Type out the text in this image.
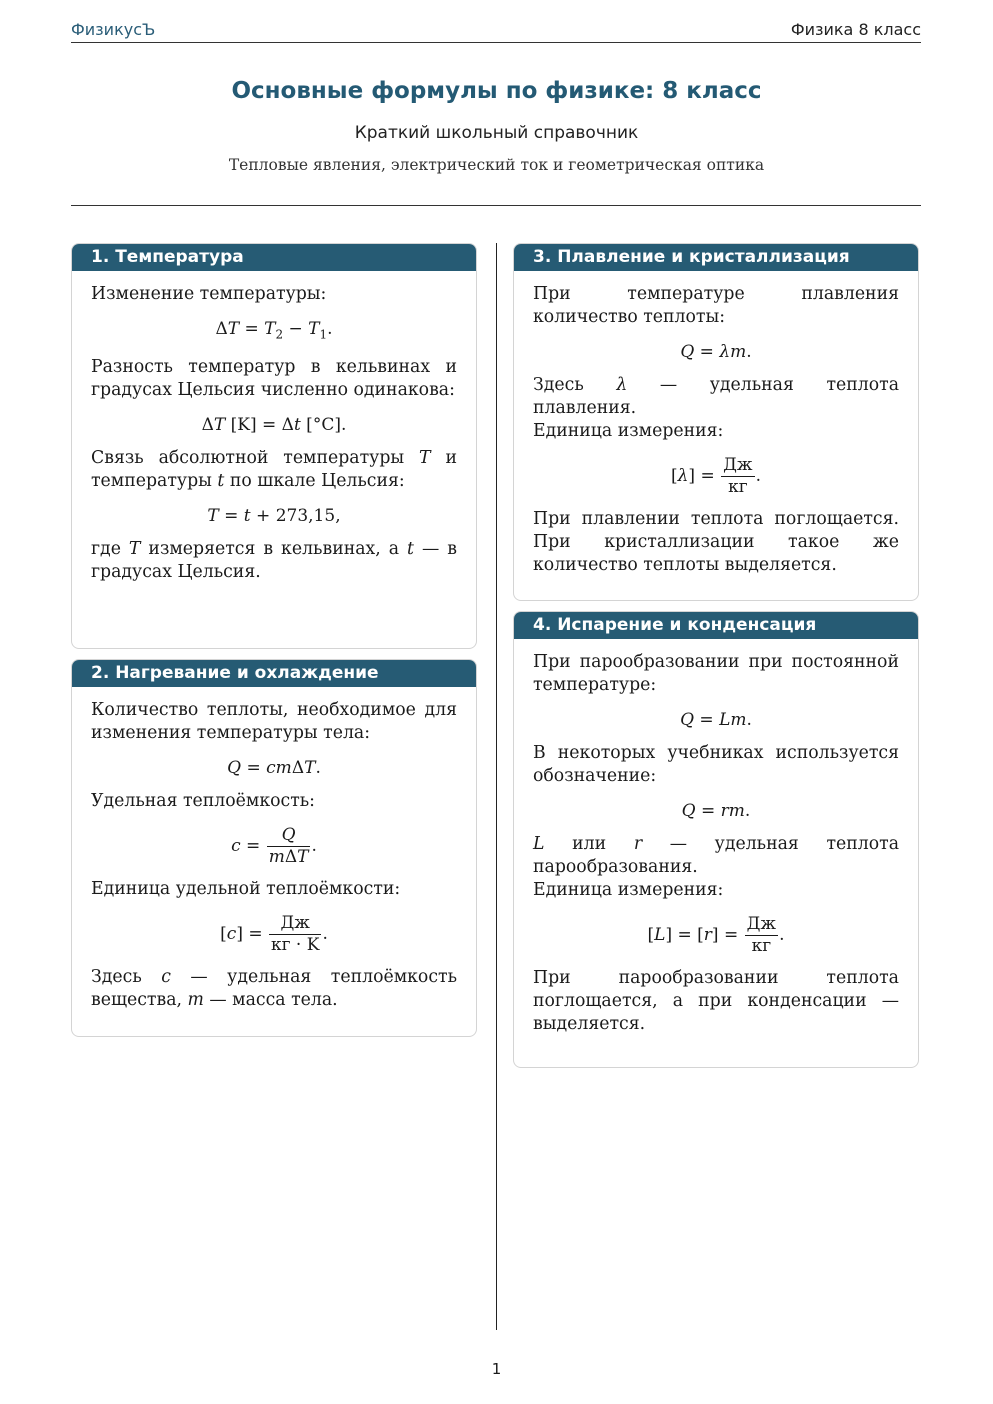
ФизикусЪ	Физика 8 класс
Основные формулы по физике: 8 класс
Краткий школьный справочник
Тепловые явления, электрический ток и геометрическая оптика
1. Температура

Изменение температуры:

$\Delta T = T_2 - T_1$.

Разность температур в кельвинах и градусах Цельсия численно одинакова:

ΔT [K] = Δt [°C].

Связь абсолютной температуры T и температуры t по шкале Цельсия:

T = t + 273,15,

где T измеряется в кельвинах, а t — в градусах Цельсия.

2. Нагревание и охлаждение

Количество теплоты, необходимое для изменения температуры тела:

Q = cmΔT.

Удельная теплоёмкость:

$c = \frac{Q}{\text{mΔT}}$ .

Единица удельной теплоёмкости:

$[c] = \frac{Дж}{кг \cdot K}$ .

Здесь c — удельная теплоёмкость вещества, m — масса тела.

3. Плавление и кристаллизация

При температуре плавления количество теплоты:

Q = λm.

Здесь λ — удельная теплота плавления.
Единица измерения:

$[\lambda] = \frac{Дж}{кг}$ .

При плавлении теплота поглощается. При кристаллизации такое же количество теплоты выделяется.

4. Испарение и конденсация

При парообразовании при постоянной температуре:

Q = Lm.

В некоторых учебниках используется обозначение:

Q = rm.

L или r — удельная теплота парообразования.
Единица измерения:

$[L] = [r] = \frac{Дж}{кг}$ .

При парообразовании теплота поглощается, а при конденсации — выделяется.

1
